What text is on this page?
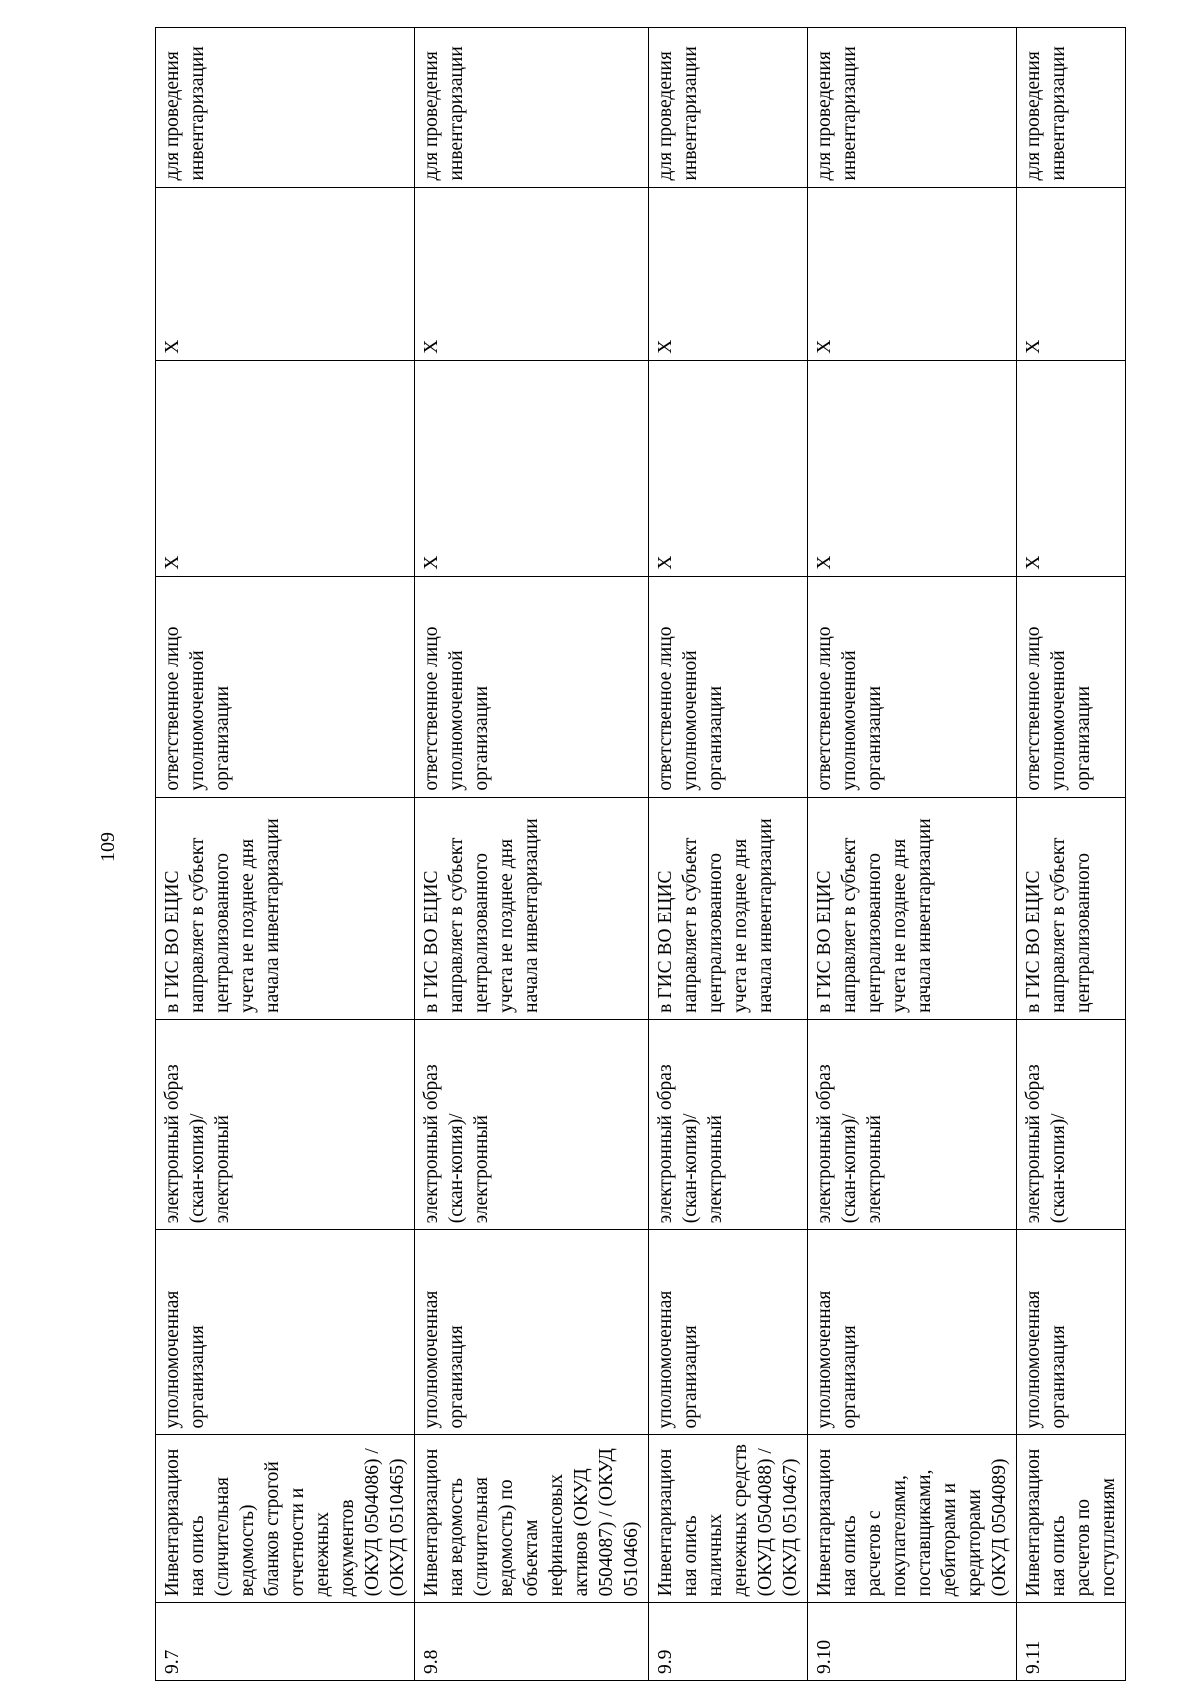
109
9.7	Инвентаризационная опись (сличительная ведомость) бланков строгой отчетности и денежных документов (ОКУД 0504086) / (ОКУД 0510465)	уполномоченная организация	электронный образ (скан-копия)/ электронный	в ГИС ВО ЕЦИС направляет в субъект централизованного учета не позднее дня начала инвентаризации	ответственное лицо уполномоченной организации	X	X	для проведения инвентаризации
9.8	Инвентаризационная ведомость (сличительная ведомость) по объектам нефинансовых активов (ОКУД 0504087) / (ОКУД 0510466)	уполномоченная организация	электронный образ (скан-копия)/ электронный	в ГИС ВО ЕЦИС направляет в субъект централизованного учета не позднее дня начала инвентаризации	ответственное лицо уполномоченной организации	X	X	для проведения инвентаризации
9.9	Инвентаризационная опись наличных денежных средств (ОКУД 0504088) / (ОКУД 0510467)	уполномоченная организация	электронный образ (скан-копия)/ электронный	в ГИС ВО ЕЦИС направляет в субъект централизованного учета не позднее дня начала инвентаризации	ответственное лицо уполномоченной организации	X	X	для проведения инвентаризации
9.10	Инвентаризационная опись расчетов с покупателями, поставщиками, дебиторами и кредиторами (ОКУД 0504089)	уполномоченная организация	электронный образ (скан-копия)/ электронный	в ГИС ВО ЕЦИС направляет в субъект централизованного учета не позднее дня начала инвентаризации	ответственное лицо уполномоченной организации	X	X	для проведения инвентаризации
9.11	Инвентаризационная опись расчетов по поступлениям	уполномоченная организация	электронный образ (скан-копия)/	в ГИС ВО ЕЦИС направляет в субъект централизованного	ответственное лицо уполномоченной организации	X	X	для проведения инвентаризации
